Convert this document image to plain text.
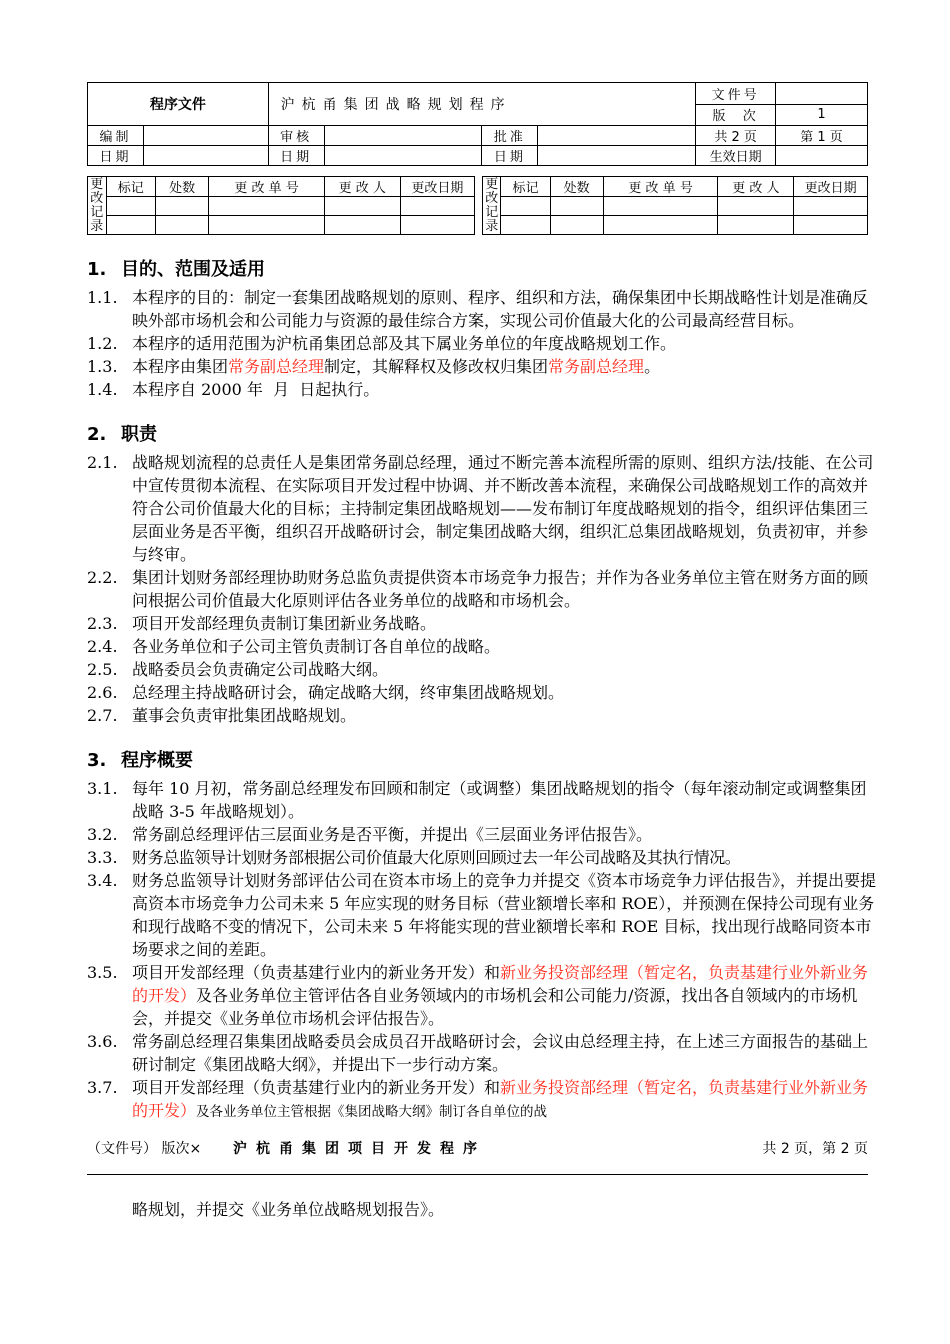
程序文件		沪杭甬集团战略规划程序				文件号	
						版  次	1
编制		审核		批准		共 2 页	第 1 页
日期		日期		日期		生效日期	
更改记录	标记	处数	更 改 单 号	更 改 人	更改日期

				更改记录	标记	处数	更 改 单 号	更 改 人	更改日期

1. 目的、范围及适用
1.1. 本程序的目的：制定一套集团战略规划的原则、程序、组织和方法，确保集团中长期战略性计划是准确反映外部市场机会和公司能力与资源的最佳综合方案，实现公司价值最大化的公司最高经营目标。
1.2. 本程序的适用范围为沪杭甬集团总部及其下属业务单位的年度战略规划工作。
1.3. 本程序由集团常务副总经理制定，其解释权及修改权归集团常务副总经理。
1.4. 本程序自 2000 年  月  日起执行。
2. 职责
2.1. 战略规划流程的总责任人是集团常务副总经理，通过不断完善本流程所需的原则、组织方法/技能、在公司中宣传贯彻本流程、在实际项目开发过程中协调、并不断改善本流程，来确保公司战略规划工作的高效并符合公司价值最大化的目标；主持制定集团战略规划——发布制订年度战略规划的指令，组织评估集团三层面业务是否平衡，组织召开战略研讨会，制定集团战略大纲，组织汇总集团战略规划，负责初审，并参与终审。
2.2. 集团计划财务部经理协助财务总监负责提供资本市场竞争力报告；并作为各业务单位主管在财务方面的顾问根据公司价值最大化原则评估各业务单位的战略和市场机会。
2.3. 项目开发部经理负责制订集团新业务战略。
2.4. 各业务单位和子公司主管负责制订各自单位的战略。
2.5. 战略委员会负责确定公司战略大纲。
2.6. 总经理主持战略研讨会，确定战略大纲，终审集团战略规划。
2.7. 董事会负责审批集团战略规划。
3. 程序概要
3.1. 每年 10 月初，常务副总经理发布回顾和制定（或调整）集团战略规划的指令（每年滚动制定或调整集团战略 3-5 年战略规划）。
3.2. 常务副总经理评估三层面业务是否平衡，并提出《三层面业务评估报告》。
3.3. 财务总监领导计划财务部根据公司价值最大化原则回顾过去一年公司战略及其执行情况。
3.4. 财务总监领导计划财务部评估公司在资本市场上的竞争力并提交《资本市场竞争力评估报告》，并提出要提高资本市场竞争力公司未来 5 年应实现的财务目标（营业额增长率和 ROE），并预测在保持公司现有业务和现行战略不变的情况下，公司未来 5 年将能实现的营业额增长率和 ROE 目标，找出现行战略同资本市场要求之间的差距。
3.5. 项目开发部经理（负责基建行业内的新业务开发）和新业务投资部经理（暂定名，负责基建行业外新业务的开发）及各业务单位主管评估各自业务领域内的市场机会和公司能力/资源，找出各自领域内的市场机会，并提交《业务单位市场机会评估报告》。
3.6. 常务副总经理召集集团战略委员会成员召开战略研讨会，会议由总经理主持，在上述三方面报告的基础上研讨制定《集团战略大纲》，并提出下一步行动方案。
3.7. 项目开发部经理（负责基建行业内的新业务开发）和新业务投资部经理（暂定名，负责基建行业外新业务的开发）及各业务单位主管根据《集团战略大纲》制订各自单位的战
（文件号） 版次× 沪杭甬集团项目开发程序	共 2 页，第 2 页
略规划，并提交《业务单位战略规划报告》。
